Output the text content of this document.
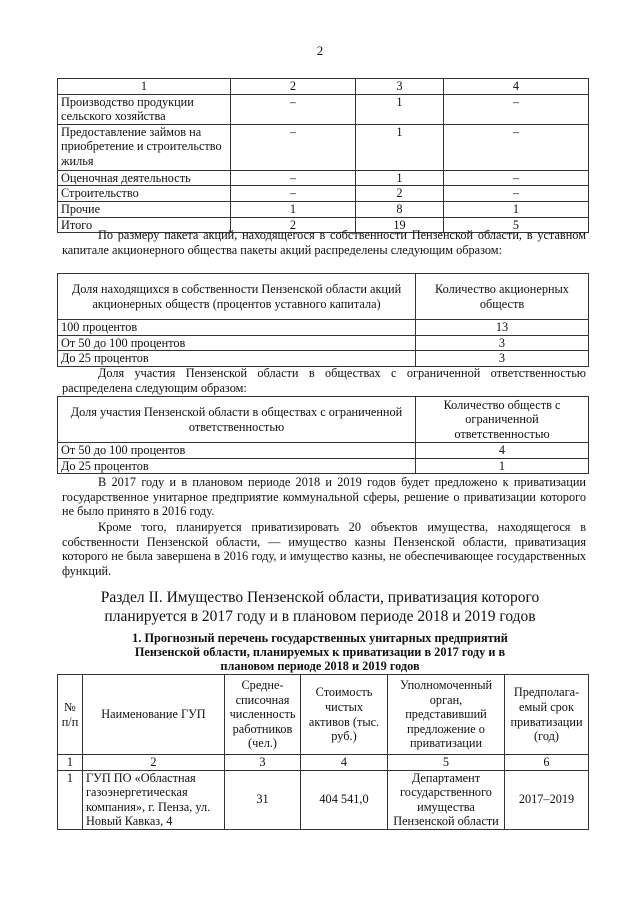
2
1	2	3	4
Производство продукции сельского хозяйства	–	1	–
Предоставление займов на приобретение и строительство жилья	–	1	–
Оценочная деятельность	–	1	–
Строительство	–	2	–
Прочие	1	8	1
Итого	2	19	5
По размеру пакета акций, находящегося в собственности Пензенской области, в уставном капитале акционерного общества пакеты акций распределены следующим образом:
Доля находящихся в собственности Пензенской области акций акционерных обществ (процентов уставного капитала)	Количество акционерных обществ
100 процентов	13
От 50 до 100 процентов	3
До 25 процентов	3
Доля участия Пензенской области в обществах с ограниченной ответственностью распределена следующим образом:
Доля участия Пензенской области в обществах с ограниченной ответственностью	Количество обществ с ограниченной ответственностью
От 50 до 100 процентов	4
До 25 процентов	1
В 2017 году и в плановом периоде 2018 и 2019 годов будет предложено к приватизации государственное унитарное предприятие коммунальной сферы, решение о приватизации которого не было принято в 2016 году.
Кроме того, планируется приватизировать 20 объектов имущества, находящегося в собственности Пензенской области, — имущество казны Пензенской области, приватизация которого не была завершена в 2016 году, и имущество казны, не обеспечивающее государственных функций.
Раздел II. Имущество Пензенской области, приватизация которого планируется в 2017 году и в плановом периоде 2018 и 2019 годов
1. Прогнозный перечень государственных унитарных предприятий Пензенской области, планируемых к приватизации в 2017 году и в плановом периоде 2018 и 2019 годов
№ п/п	Наименование ГУП	Средне-списочная численность работников (чел.)	Стоимость чистых активов (тыс. руб.)	Уполномоченный орган, представивший предложение о приватизации	Предполага-емый срок приватизации (год)
1	2	3	4	5	6
1	ГУП ПО «Областная газоэнергетическая компания», г. Пенза, ул. Новый Кавказ, 4	31	404 541,0	Департамент государственного имущества Пензенской области	2017–2019
